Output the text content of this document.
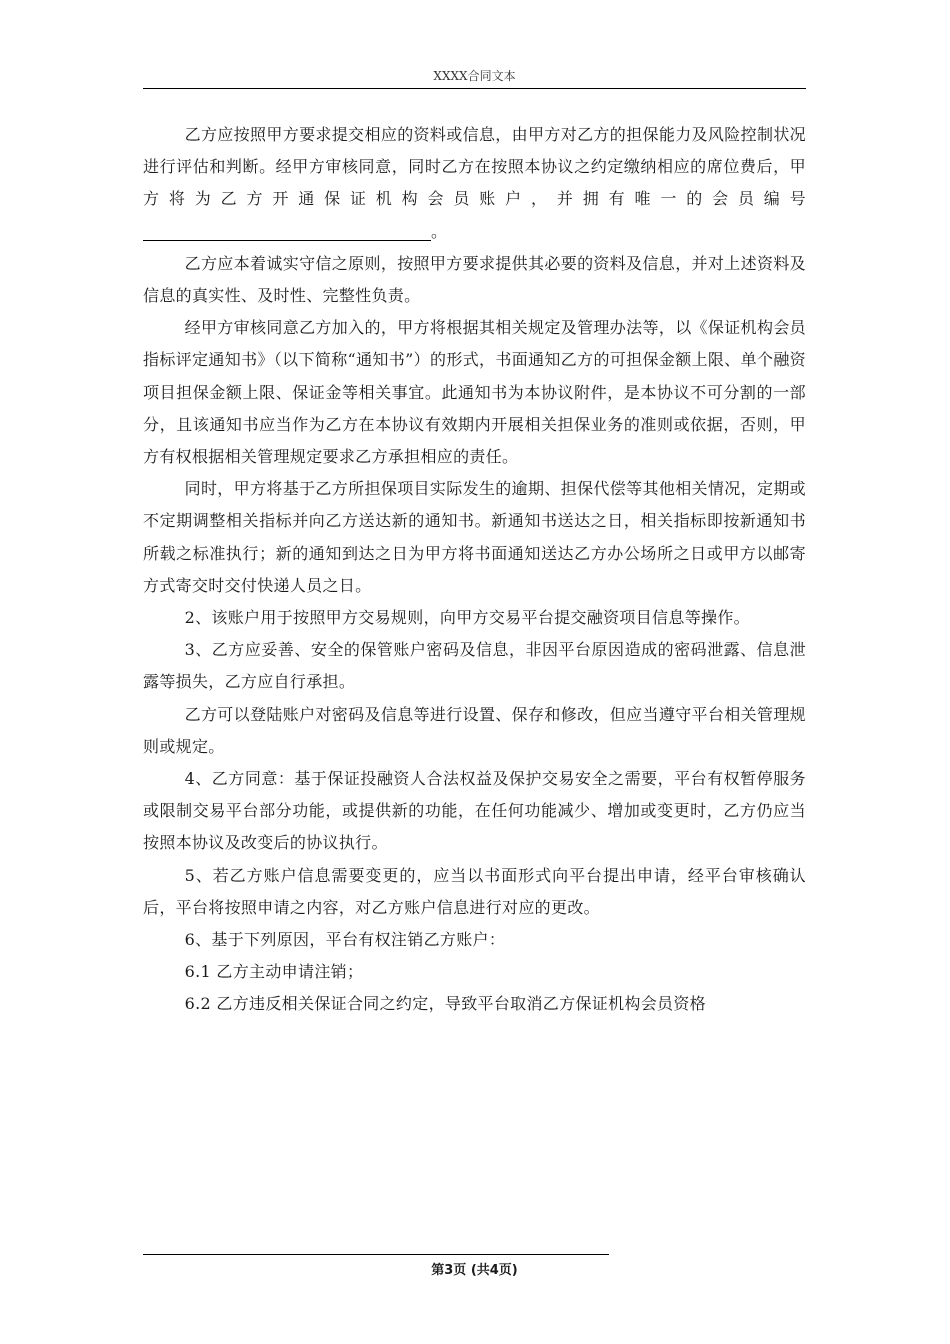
XXXX合同文本

乙方应按照甲方要求提交相应的资料或信息，由甲方对乙方的担保能力及风险控制状况进行评估和判断。经甲方审核同意，同时乙方在按照本协议之约定缴纳相应的席位费后，甲方将为乙方开通保证机构会员账户，并拥有唯一的会员编号。

乙方应本着诚实守信之原则，按照甲方要求提供其必要的资料及信息，并对上述资料及信息的真实性、及时性、完整性负责。

经甲方审核同意乙方加入的，甲方将根据其相关规定及管理办法等，以《保证机构会员指标评定通知书》（以下简称“通知书”）的形式，书面通知乙方的可担保金额上限、单个融资项目担保金额上限、保证金等相关事宜。此通知书为本协议附件，是本协议不可分割的一部分，且该通知书应当作为乙方在本协议有效期内开展相关担保业务的准则或依据，否则，甲方有权根据相关管理规定要求乙方承担相应的责任。

同时，甲方将基于乙方所担保项目实际发生的逾期、担保代偿等其他相关情况，定期或不定期调整相关指标并向乙方送达新的通知书。新通知书送达之日，相关指标即按新通知书所载之标准执行；新的通知到达之日为甲方将书面通知送达乙方办公场所之日或甲方以邮寄方式寄交时交付快递人员之日。

2、该账户用于按照甲方交易规则，向甲方交易平台提交融资项目信息等操作。

3、乙方应妥善、安全的保管账户密码及信息，非因平台原因造成的密码泄露、信息泄露等损失，乙方应自行承担。

乙方可以登陆账户对密码及信息等进行设置、保存和修改，但应当遵守平台相关管理规则或规定。

4、乙方同意：基于保证投融资人合法权益及保护交易安全之需要，平台有权暂停服务或限制交易平台部分功能，或提供新的功能，在任何功能减少、增加或变更时，乙方仍应当按照本协议及改变后的协议执行。

5、若乙方账户信息需要变更的，应当以书面形式向平台提出申请，经平台审核确认后，平台将按照申请之内容，对乙方账户信息进行对应的更改。

6、基于下列原因，平台有权注销乙方账户：

6.1 乙方主动申请注销；

6.2 乙方违反相关保证合同之约定，导致平台取消乙方保证机构会员资格

第3页 (共4页)
